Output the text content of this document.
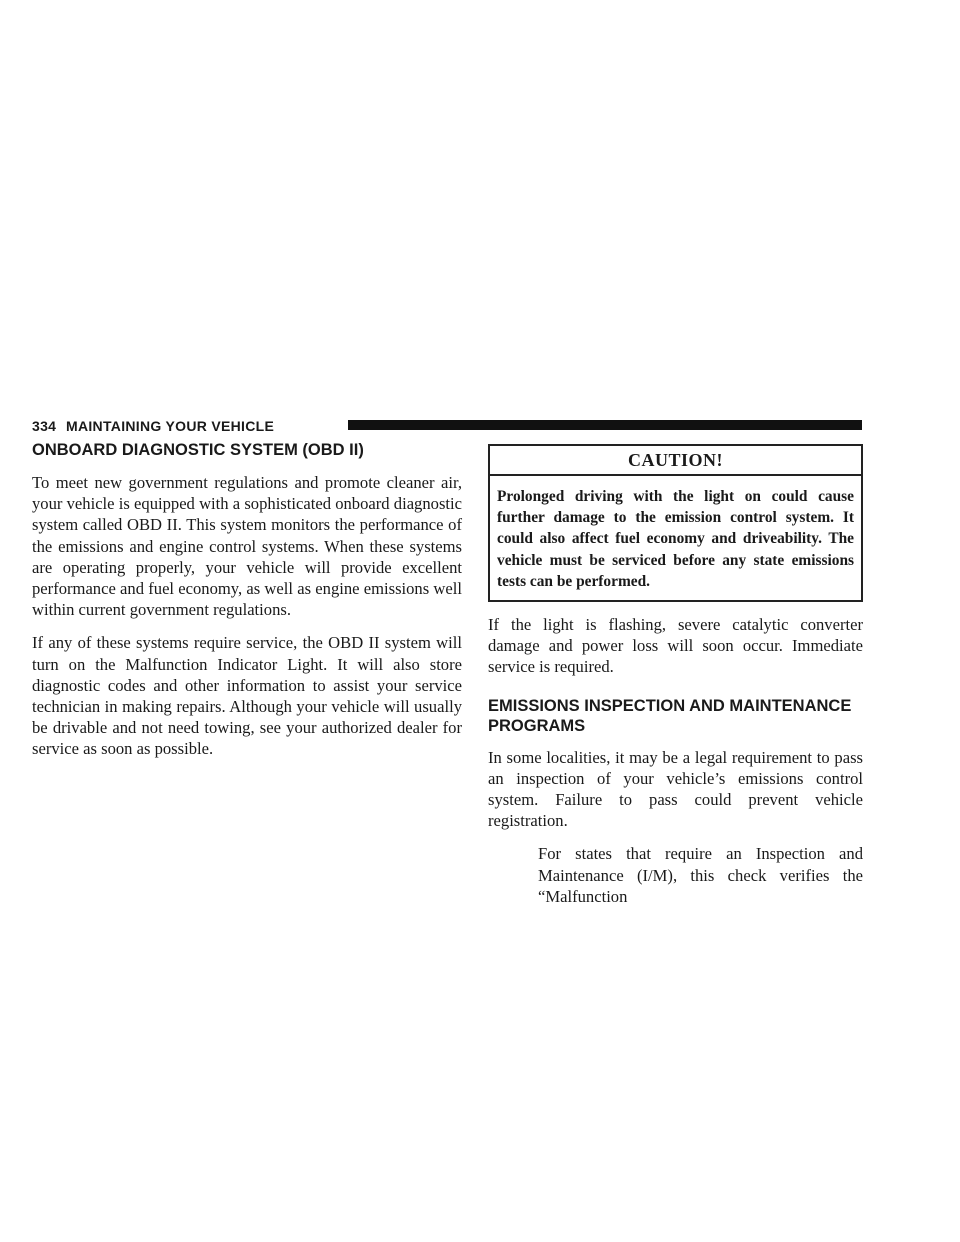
334 MAINTAINING YOUR VEHICLE
ONBOARD DIAGNOSTIC SYSTEM (OBD II)

To meet new government regulations and promote cleaner air, your vehicle is equipped with a sophisticated onboard diagnostic system called OBD II. This system monitors the performance of the emissions and engine control systems. When these systems are operating properly, your vehicle will provide excellent performance and fuel economy, as well as engine emissions well within current government regulations.

If any of these systems require service, the OBD II system will turn on the Malfunction Indicator Light. It will also store diagnostic codes and other information to assist your service technician in making repairs. Although your vehicle will usually be drivable and not need towing, see your authorized dealer for service as soon as possible.

CAUTION!
Prolonged driving with the light on could cause further damage to the emission control system. It could also affect fuel economy and driveability. The vehicle must be serviced before any state emissions tests can be performed.

If the light is flashing, severe catalytic converter damage and power loss will soon occur. Immediate service is required.

EMISSIONS INSPECTION AND MAINTENANCE PROGRAMS

In some localities, it may be a legal requirement to pass an inspection of your vehicle’s emissions control system. Failure to pass could prevent vehicle registration.

For states that require an Inspection and Maintenance (I/M), this check verifies the “Malfunction
